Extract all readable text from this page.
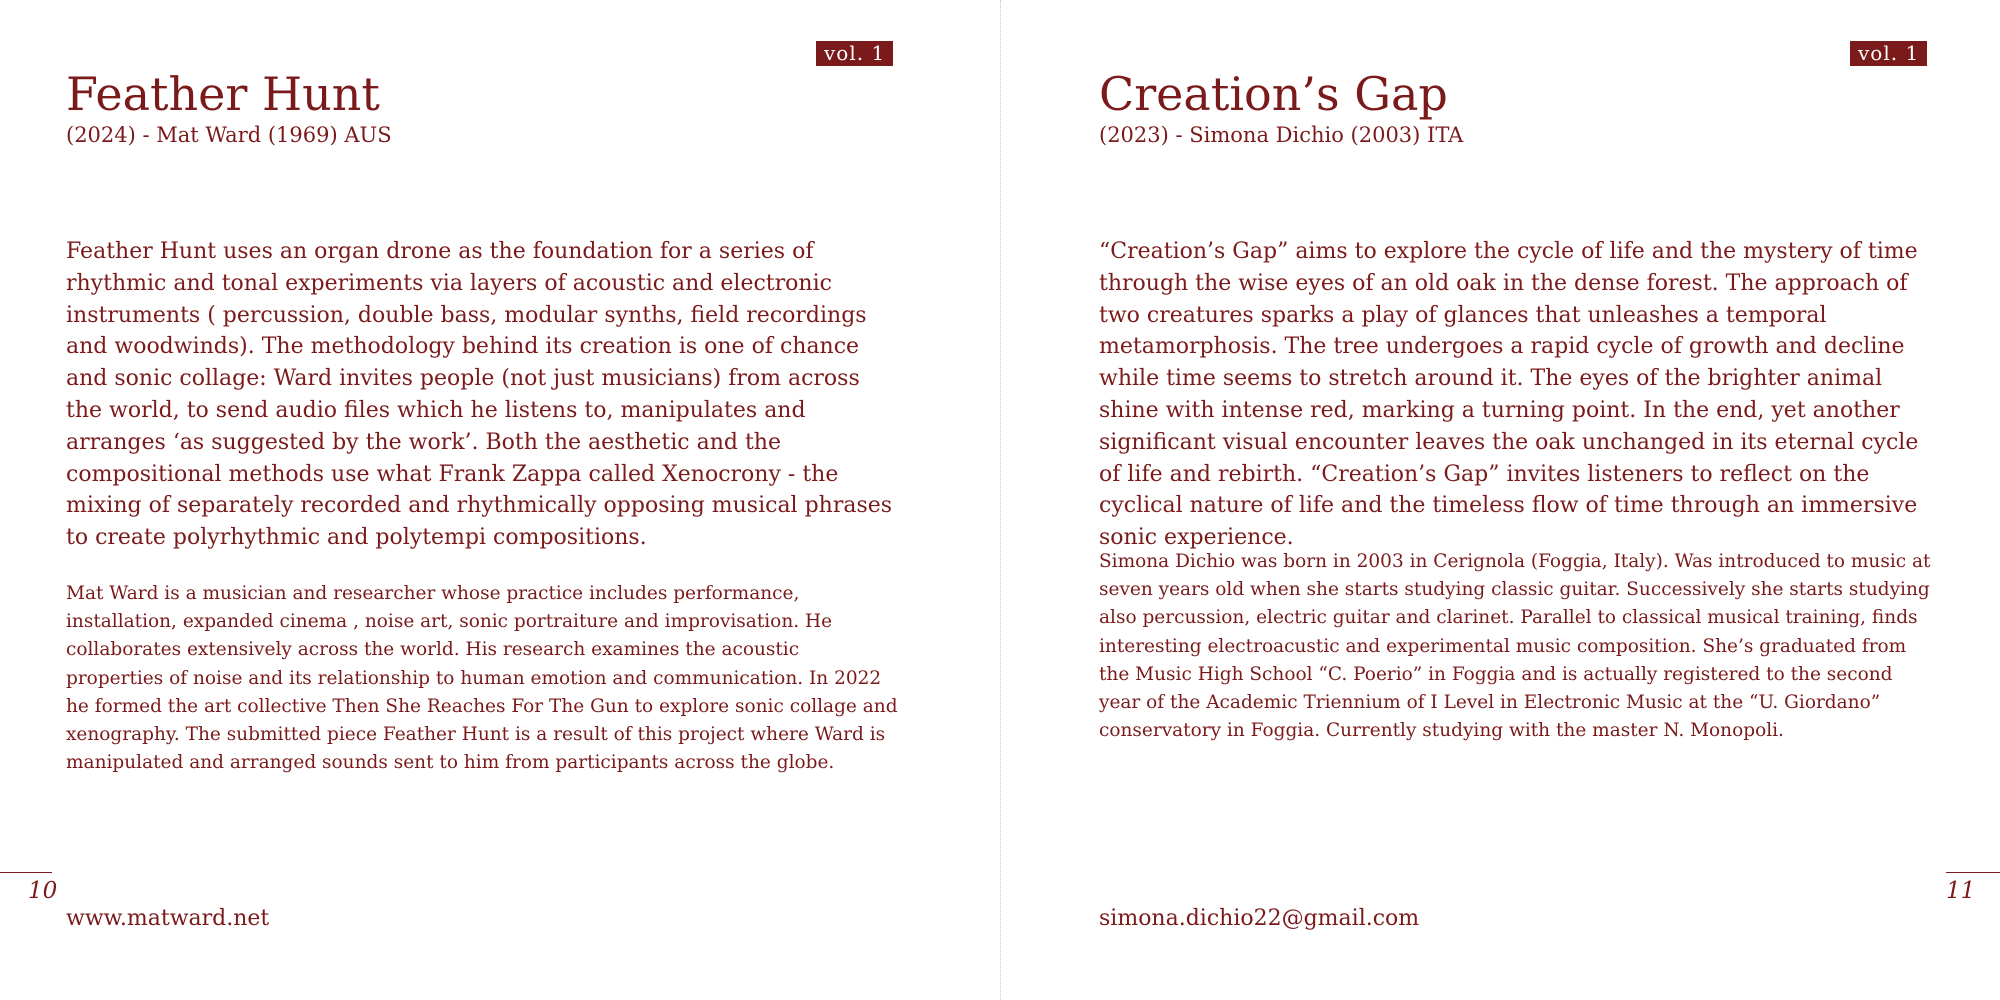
vol. 1
Feather Hunt
(2024) - Mat Ward (1969) AUS

Feather Hunt uses an organ drone as the foundation for a series of rhythmic and tonal experiments via layers of acoustic and electronic instruments ( percussion, double bass, modular synths, field recordings and woodwinds). The methodology behind its creation is one of chance and sonic collage: Ward invites people (not just musicians) from across the world, to send audio files which he listens to, manipulates and arranges ‘as suggested by the work’. Both the aesthetic and the compositional methods use what Frank Zappa called Xenocrony - the mixing of separately recorded and rhythmically opposing musical phrases to create polyrhythmic and polytempi compositions.

Mat Ward is a musician and researcher whose practice includes performance, installation, expanded cinema , noise art, sonic portraiture and improvisation. He collaborates extensively across the world. His research examines the acoustic properties of noise and its relationship to human emotion and communication. In 2022 he formed the art collective Then She Reaches For The Gun to explore sonic collage and xenography. The submitted piece Feather Hunt is a result of this project where Ward is manipulated and arranged sounds sent to him from participants across the globe.

10
www.matward.net
vol. 1
Creation’s Gap
(2023) - Simona Dichio (2003) ITA

“Creation’s Gap” aims to explore the cycle of life and the mystery of time through the wise eyes of an old oak in the dense forest. The approach of two creatures sparks a play of glances that unleashes a temporal metamorphosis. The tree undergoes a rapid cycle of growth and decline while time seems to stretch around it. The eyes of the brighter animal shine with intense red, marking a turning point. In the end, yet another significant visual encounter leaves the oak unchanged in its eternal cycle of life and rebirth. “Creation’s Gap” invites listeners to reflect on the cyclical nature of life and the timeless flow of time through an immersive sonic experience.

Simona Dichio was born in 2003 in Cerignola (Foggia, Italy). Was introduced to music at seven years old when she starts studying classic guitar. Successively she starts studying also percussion, electric guitar and clarinet. Parallel to classical musical training, finds interesting electroacustic and experimental music composition. She’s graduated from the Music High School “C. Poerio” in Foggia and is actually registered to the second year of the Academic Triennium of I Level in Electronic Music at the “U. Giordano” conservatory in Foggia. Currently studying with the master N. Monopoli.

11
simona.dichio22@gmail.com
